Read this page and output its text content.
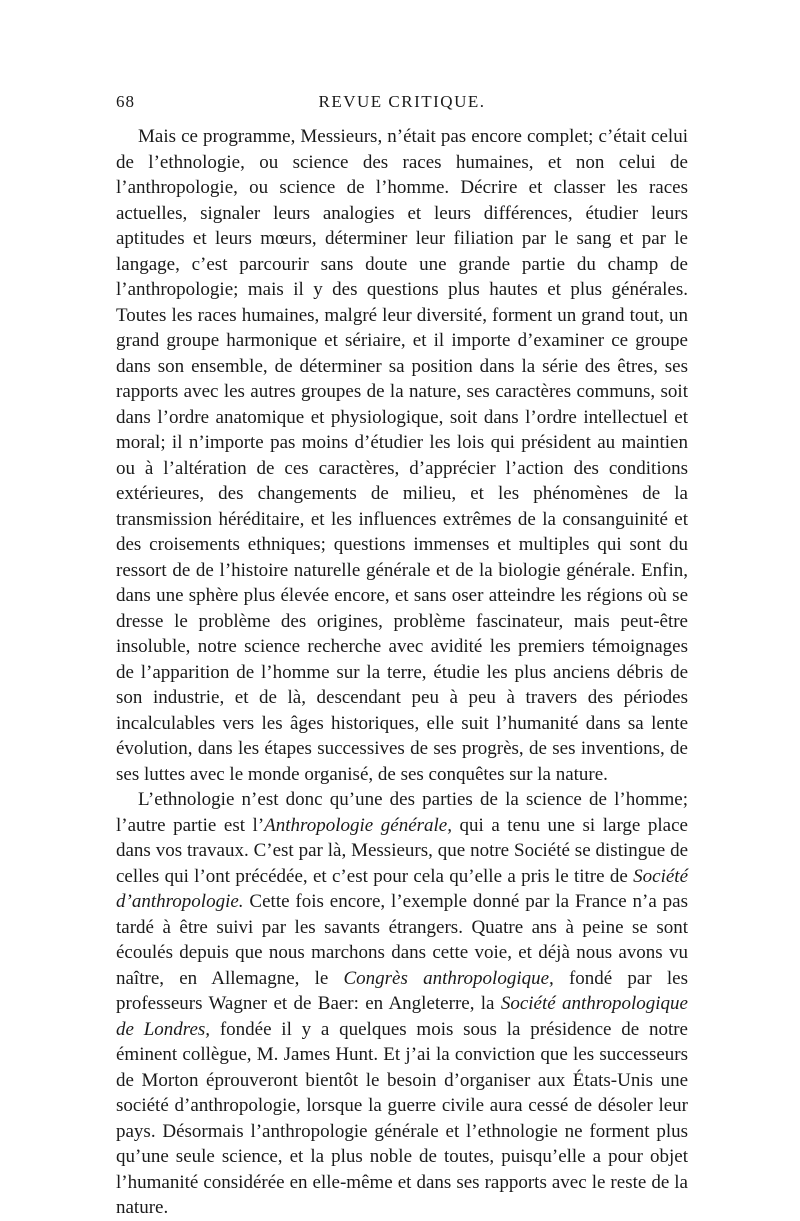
68	REVUE CRITIQUE.

Mais ce programme, Messieurs, n’était pas encore complet; c’était celui de l’ethnologie, ou science des races humaines, et non celui de l’anthropologie, ou science de l’homme. Décrire et classer les races actuelles, signaler leurs analogies et leurs différences, étudier leurs aptitudes et leurs mœurs, déterminer leur filiation par le sang et par le langage, c’est parcourir sans doute une grande partie du champ de l’anthropologie; mais il y des questions plus hautes et plus générales. Toutes les races humaines, malgré leur diversité, forment un grand tout, un grand groupe harmonique et sériaire, et il importe d’examiner ce groupe dans son ensemble, de déterminer sa position dans la série des êtres, ses rapports avec les autres groupes de la nature, ses caractères communs, soit dans l’ordre anatomique et physiologique, soit dans l’ordre intellectuel et moral; il n’importe pas moins d’étudier les lois qui président au maintien ou à l’altération de ces caractères, d’apprécier l’action des conditions extérieures, des changements de milieu, et les phénomènes de la transmission héréditaire, et les influences extrêmes de la consanguinité et des croisements ethniques; questions immenses et multiples qui sont du ressort de de l’histoire naturelle générale et de la biologie générale. Enfin, dans une sphère plus élevée encore, et sans oser atteindre les régions où se dresse le problème des origines, problème fascinateur, mais peut-être insoluble, notre science recherche avec avidité les premiers témoignages de l’apparition de l’homme sur la terre, étudie les plus anciens débris de son industrie, et de là, descendant peu à peu à travers des périodes incalculables vers les âges historiques, elle suit l’humanité dans sa lente évolution, dans les étapes successives de ses progrès, de ses inventions, de ses luttes avec le monde organisé, de ses conquêtes sur la nature.

L’ethnologie n’est donc qu’une des parties de la science de l’homme; l’autre partie est l’Anthropologie générale, qui a tenu une si large place dans vos travaux. C’est par là, Messieurs, que notre Société se distingue de celles qui l’ont précédée, et c’est pour cela qu’elle a pris le titre de Société d’anthropologie. Cette fois encore, l’exemple donné par la France n’a pas tardé à être suivi par les savants étrangers. Quatre ans à peine se sont écoulés depuis que nous marchons dans cette voie, et déjà nous avons vu naître, en Allemagne, le Congrès anthropologique, fondé par les professeurs Wagner et de Baer: en Angleterre, la Société anthropologique de Londres, fondée il y a quelques mois sous la présidence de notre éminent collègue, M. James Hunt. Et j’ai la conviction que les successeurs de Morton éprouveront bientôt le besoin d’organiser aux États-Unis une société d’anthropologie, lorsque la guerre civile aura cessé de désoler leur pays. Désormais l’anthropologie générale et l’ethnologie ne forment plus qu’une seule science, et la plus noble de toutes, puisqu’elle a pour objet l’humanité considérée en elle-même et dans ses rapports avec le reste de la nature.
